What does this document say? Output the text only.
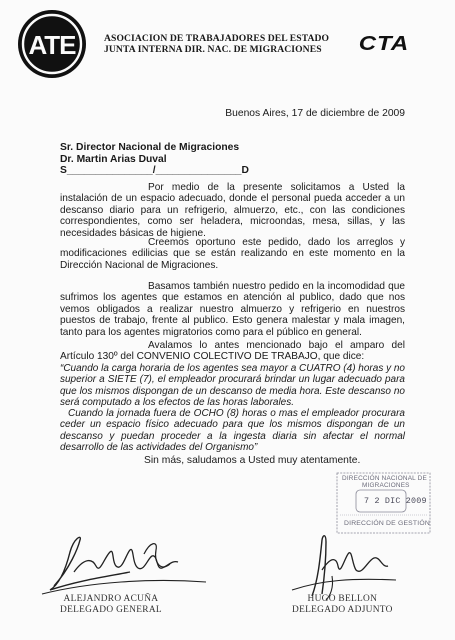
ATE	ASOCIACION DE TRABAJADORES DEL ESTADO
JUNTA INTERNA DIR. NAC. DE MIGRACIONES	CTA
Buenos Aires, 17 de diciembre de 2009
Sr. Director Nacional de Migraciones
Dr. Martin Arias Duval
S_______________/_______________D
Por medio de la presente solicitamos a Usted la instalación de un espacio adecuado, donde el personal pueda acceder a un descanso diario para un refrigerio, almuerzo, etc., con las condiciones correspondientes, como ser heladera, microondas, mesa, sillas, y las necesidades básicas de higiene.
Creemos oportuno este pedido, dado los arreglos y modificaciones edilicias que se están realizando en este momento en la Dirección Nacional de Migraciones.
Basamos también nuestro pedido en la incomodidad que sufrimos los agentes que estamos en atención al publico, dado que nos vemos obligados a realizar nuestro almuerzo y refrigerio en nuestros puestos de trabajo, frente al publico. Esto genera malestar y mala imagen, tanto para los agentes migratorios como para el público en general.
Avalamos lo antes mencionado bajo el amparo del Artículo 130º del CONVENIO COLECTIVO DE TRABAJO, que dice:

“Cuando la carga horaria de los agentes sea mayor a CUATRO (4) horas y no superior a SIETE (7), el empleador procurará brindar un lugar adecuado para que los mismos dispongan de un descanso de media hora. Este descanso no será computado a los efectos de las horas laborales.

Cuando la jornada fuera de OCHO (8) horas o mas el empleador procurara ceder un espacio físico adecuado para que los mismos dispongan de un descanso y puedan proceder a la ingesta diaria sin afectar el normal desarrollo de las actividades del Organismo”

Sin más, saludamos a Usted muy atentamente.
DIRECCIÓN NACIONAL DE
MIGRACIONES
7 2 DIC 2009
DIRECCIÓN DE GESTIÓN
ALEJANDRO ACUÑA
DELEGADO GENERAL
HUGO BELLON
DELEGADO ADJUNTO
